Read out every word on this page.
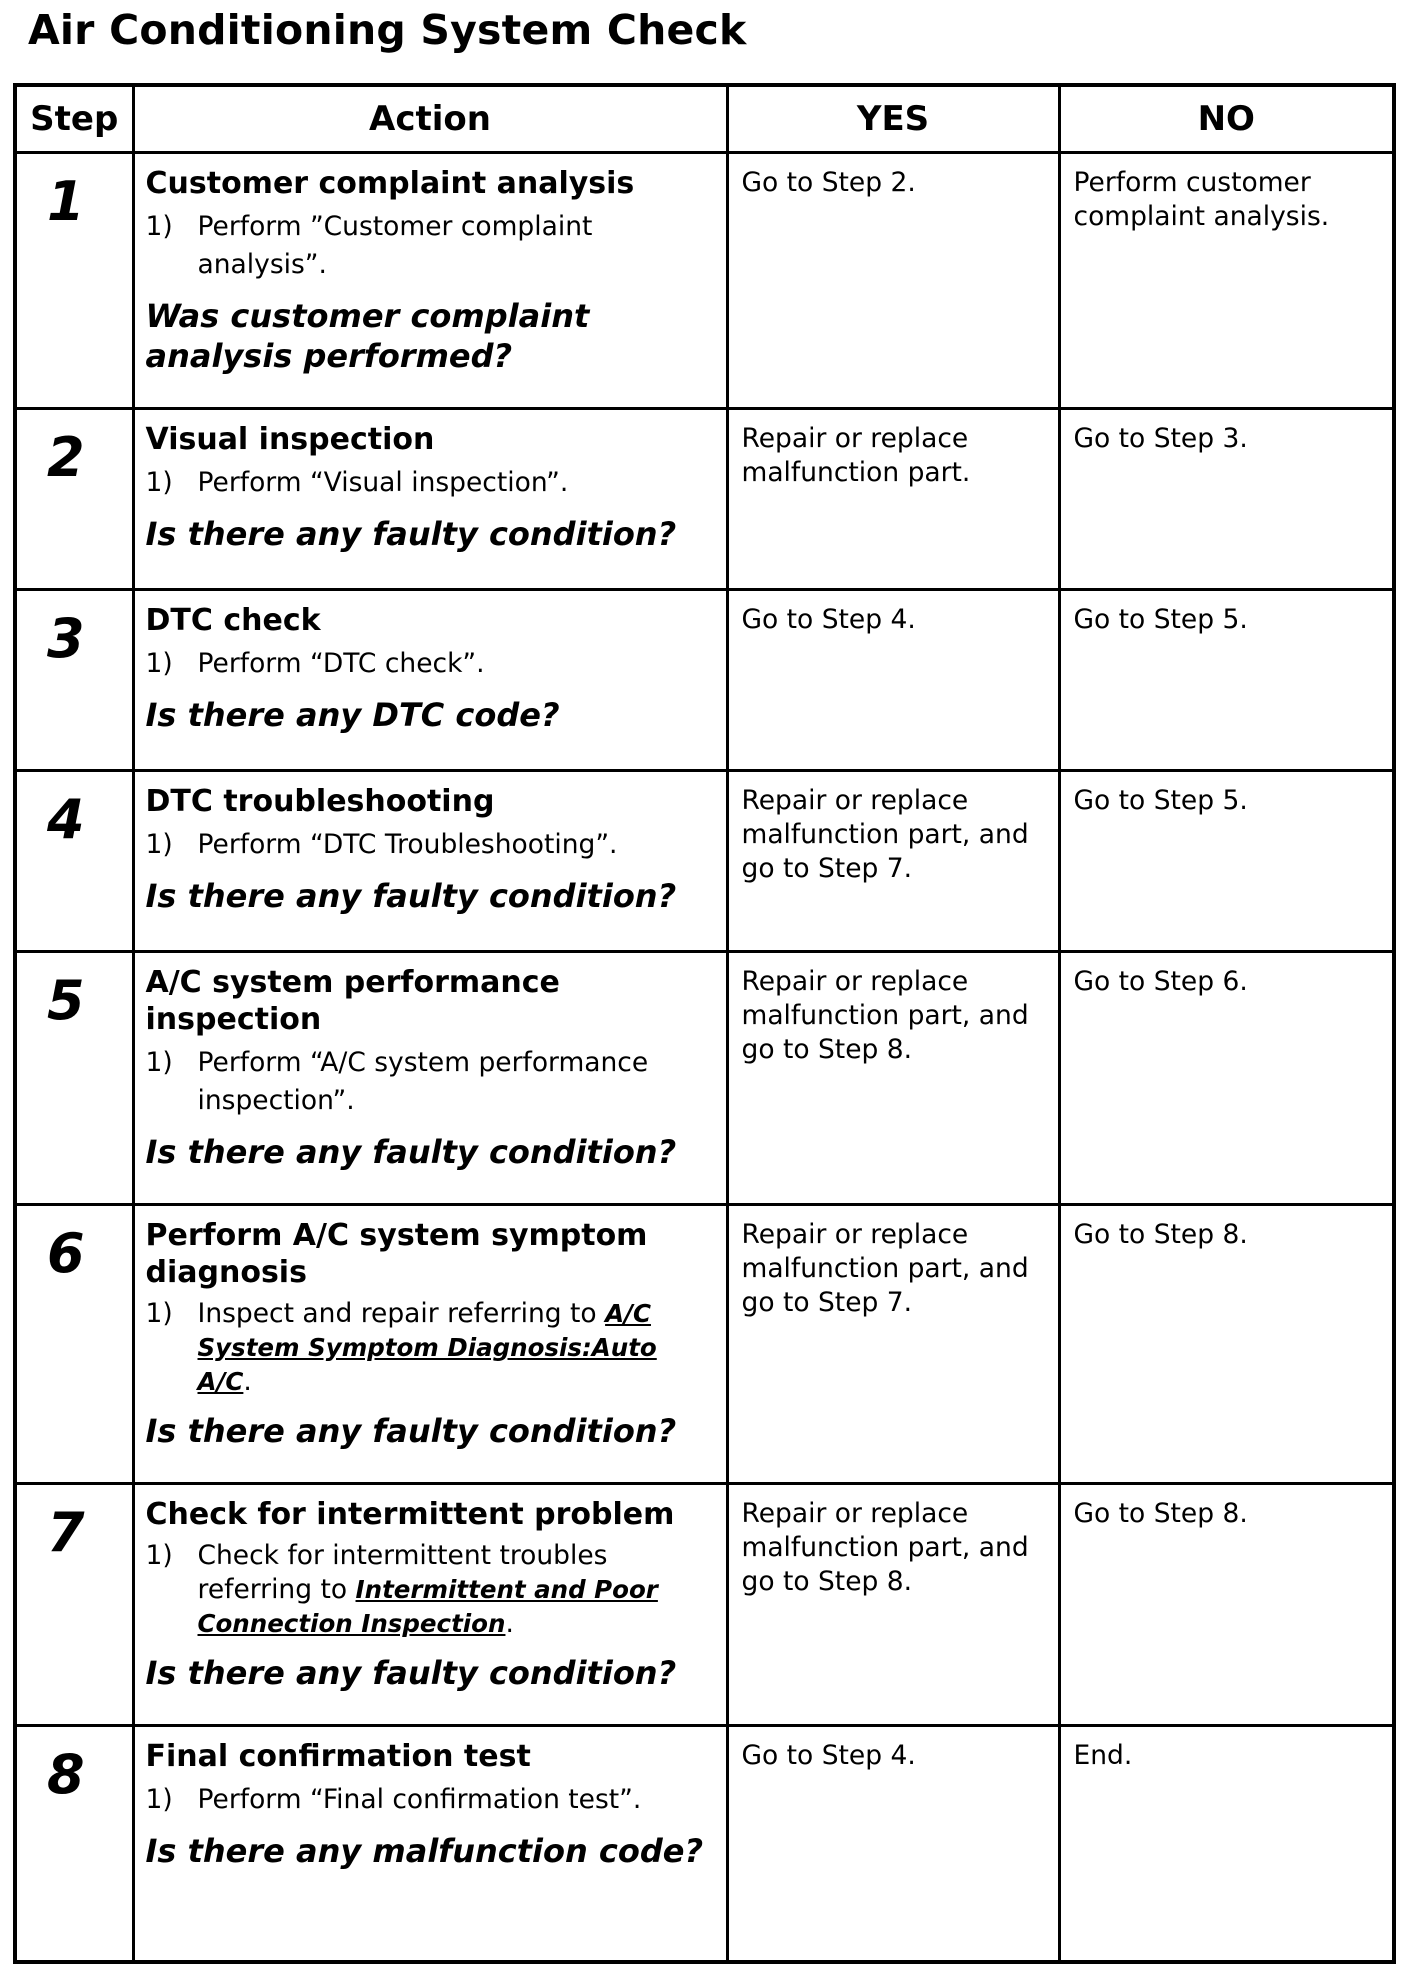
Air Conditioning System Check
Step	Action	YES	NO
1	Customer complaint analysis
1) Perform ”Customer complaint analysis”.
Was customer complaint analysis performed?	Go to Step 2.	Perform customer complaint analysis.
2	Visual inspection
1) Perform “Visual inspection”.
Is there any faulty condition?	Repair or replace malfunction part.	Go to Step 3.
3	DTC check
1) Perform “DTC check”.
Is there any DTC code?	Go to Step 4.	Go to Step 5.
4	DTC troubleshooting
1) Perform “DTC Troubleshooting”.
Is there any faulty condition?	Repair or replace malfunction part, and go to Step 7.	Go to Step 5.
5	A/C system performance inspection
1) Perform “A/C system performance inspection”.
Is there any faulty condition?	Repair or replace malfunction part, and go to Step 8.	Go to Step 6.
6	Perform A/C system symptom diagnosis
1) Inspect and repair referring to A/C System Symptom Diagnosis:Auto A/C.
Is there any faulty condition?	Repair or replace malfunction part, and go to Step 7.	Go to Step 8.
7	Check for intermittent problem
1) Check for intermittent troubles referring to Intermittent and Poor Connection Inspection.
Is there any faulty condition?	Repair or replace malfunction part, and go to Step 8.	Go to Step 8.
8	Final confirmation test
1) Perform “Final confirmation test”.
Is there any malfunction code?	Go to Step 4.	End.
